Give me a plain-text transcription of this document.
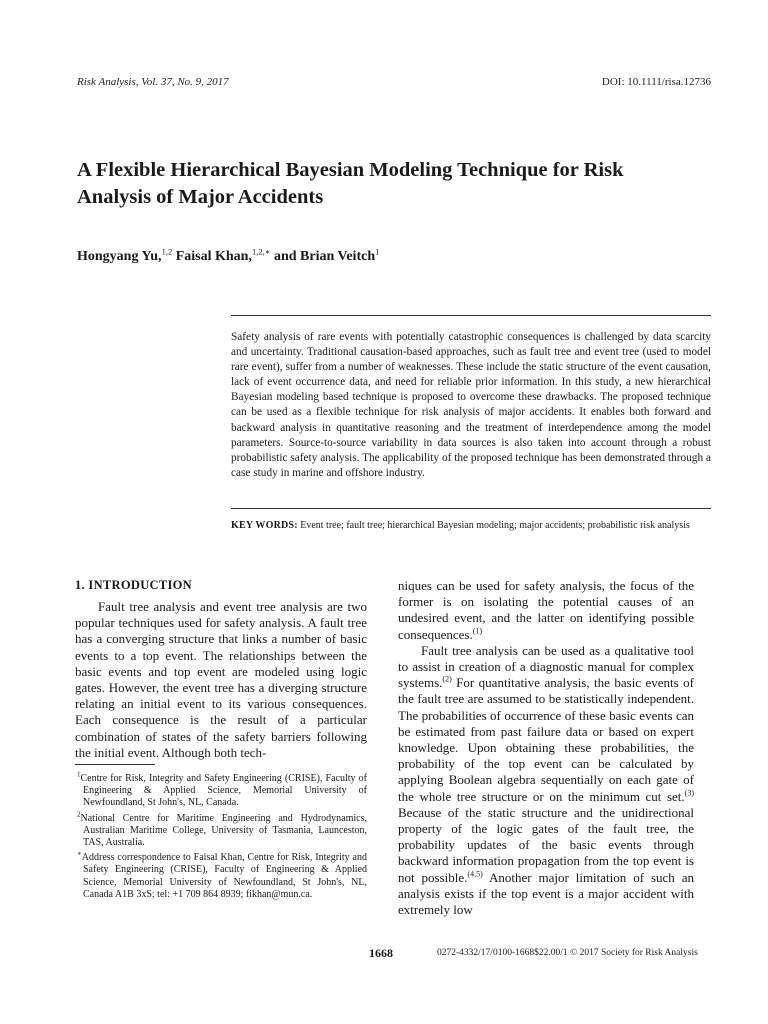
Risk Analysis, Vol. 37, No. 9, 2017	DOI: 10.1111/risa.12736
A Flexible Hierarchical Bayesian Modeling Technique for Risk Analysis of Major Accidents
Hongyang Yu,$^{1,2}$ Faisal Khan,$^{1,2,∗}$ and Brian Veitch$^1$
Safety analysis of rare events with potentially catastrophic consequences is challenged by data scarcity and uncertainty. Traditional causation-based approaches, such as fault tree and event tree (used to model rare event), suffer from a number of weaknesses. These include the static structure of the event causation, lack of event occurrence data, and need for reliable prior information. In this study, a new hierarchical Bayesian modeling based technique is proposed to overcome these drawbacks. The proposed technique can be used as a flexible technique for risk analysis of major accidents. It enables both forward and backward analysis in quantitative reasoning and the treatment of interdependence among the model parameters. Source-to-source variability in data sources is also taken into account through a robust probabilistic safety analysis. The applicability of the proposed technique has been demonstrated through a case study in marine and offshore industry.
KEY WORDS: Event tree; fault tree; hierarchical Bayesian modeling; major accidents; probabilistic risk analysis
1. INTRODUCTION

Fault tree analysis and event tree analysis are two popular techniques used for safety analysis. A fault tree has a converging structure that links a number of basic events to a top event. The relationships between the basic events and top event are modeled using logic gates. However, the event tree has a diverging structure relating an initial event to its various consequences. Each consequence is the result of a particular combination of states of the safety barriers following the initial event. Although both tech-

$^1$Centre for Risk, Integrity and Safety Engineering (CRISE), Faculty of Engineering & Applied Science, Memorial University of Newfoundland, St John's, NL, Canada.

$^2$National Centre for Maritime Engineering and Hydrodynamics, Australian Maritime College, University of Tasmania, Launceston, TAS, Australia.

∗Address correspondence to Faisal Khan, Centre for Risk, Integrity and Safety Engineering (CRISE), Faculty of Engineering & Applied Science, Memorial University of Newfoundland, St John's, NL, Canada A1B 3xS; tel: +1 709 864 8939; fikhan@mun.ca.

niques can be used for safety analysis, the focus of the former is on isolating the potential causes of an undesired event, and the latter on identifying possible consequences.$^{(1)}$

Fault tree analysis can be used as a qualitative tool to assist in creation of a diagnostic manual for complex systems.$^{(2)}$ For quantitative analysis, the basic events of the fault tree are assumed to be statistically independent. The probabilities of occurrence of these basic events can be estimated from past failure data or based on expert knowledge. Upon obtaining these probabilities, the probability of the top event can be calculated by applying Boolean algebra sequentially on each gate of the whole tree structure or on the minimum cut set.$^{(3)}$ Because of the static structure and the unidirectional property of the logic gates of the fault tree, the probability updates of the basic events through backward information propagation from the top event is not possible.$^{(4,5)}$ Another major limitation of such an analysis exists if the top event is a major accident with extremely low

1668	0272-4332/17/0100-1668$22.00/1 © 2017 Society for Risk Analysis
